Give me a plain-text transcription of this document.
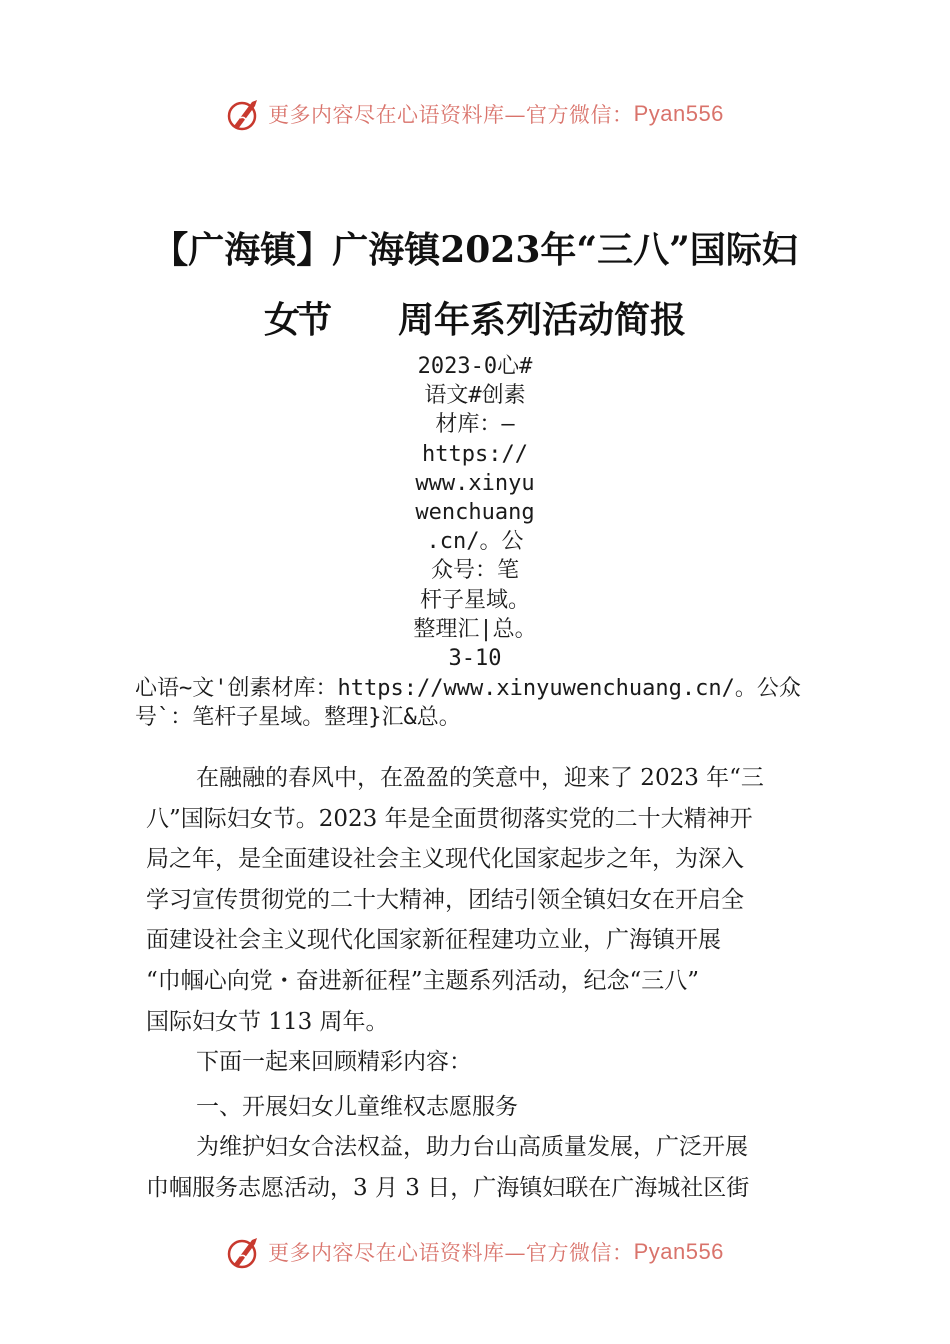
更多内容尽在心语资料库—官方微信： Pyan556
【广海镇】广海镇2023年“三八”国际妇
女节 周年系列活动简报
2023-0心#
语文#创素
材库：—
https://
www.xinyu
wenchuang
.cn/。公
众号：笔
杆子星域。
整理汇|总。
3-10
心语~文'创素材库：https://www.xinyuwenchuang.cn/。公众
号`：笔杆子星域。整理}汇&总。
在融融的春风中，在盈盈的笑意中，迎来了 2023 年“三
八”国际妇女节。2023 年是全面贯彻落实党的二十大精神开
局之年，是全面建设社会主义现代化国家起步之年，为深入
学习宣传贯彻党的二十大精神，团结引领全镇妇女在开启全
面建设社会主义现代化国家新征程建功立业，广海镇开展
“巾帼心向党・奋进新征程”主题系列活动，纪念“三八”
国际妇女节 113 周年。
下面一起来回顾精彩内容：
一、开展妇女儿童维权志愿服务
为维护妇女合法权益，助力台山高质量发展，广泛开展
巾帼服务志愿活动，3 月 3 日，广海镇妇联在广海城社区街
更多内容尽在心语资料库—官方微信： Pyan556
